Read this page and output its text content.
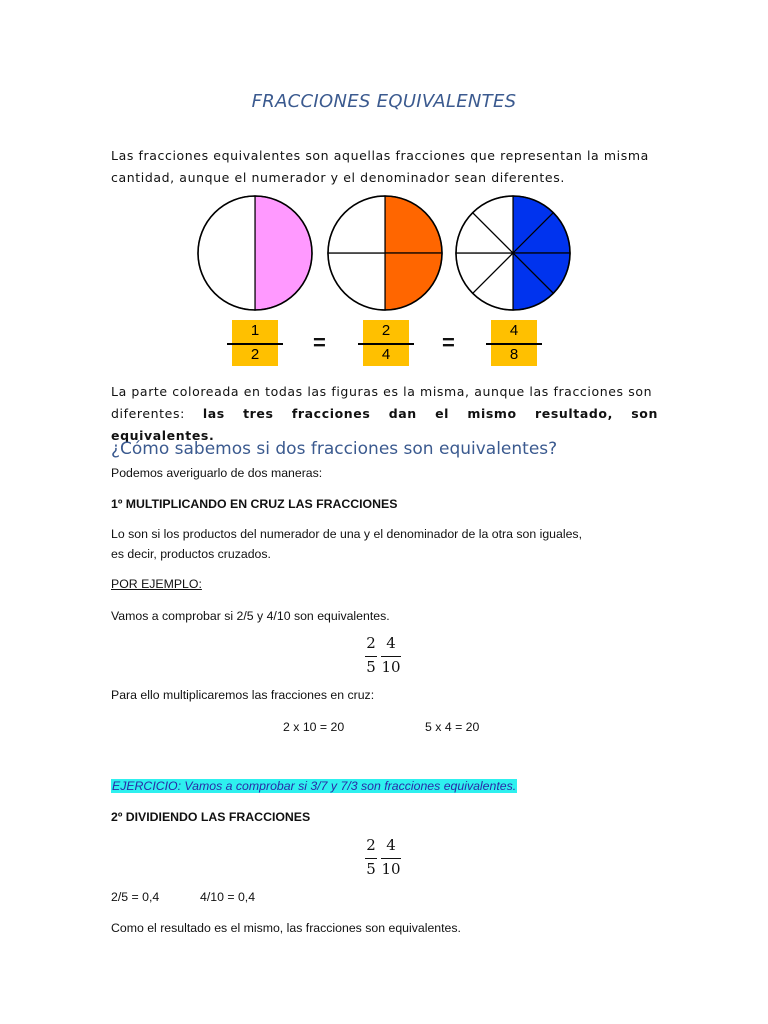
FRACCIONES EQUIVALENTES
Las fracciones equivalentes son aquellas fracciones que representan la misma
cantidad, aunque el numerador y el denominador sean diferentes.
1
2	=	2
4	=	4
8
La parte coloreada en todas las figuras es la misma, aunque las fracciones son
diferentes: las tres fracciones dan el mismo resultado, son equivalentes.
¿Cómo sabemos si dos fracciones son equivalentes?
Podemos averiguarlo de dos maneras:
1º MULTIPLICANDO EN CRUZ LAS FRACCIONES
Lo son si los productos del numerador de una y el denominador de la otra son iguales,
es decir, productos cruzados.
POR EJEMPLO:
Vamos a comprobar si 2/5 y 4/10 son equivalentes.
2
5
4
10
Para ello multiplicaremos las fracciones en cruz:
2 x 10 = 20	5 x 4 = 20
EJERCICIO: Vamos a comprobar si 3/7 y 7/3 son fracciones equivalentes.
2º DIVIDIENDO LAS FRACCIONES
2
5
4
10
2/5 = 0,4	4/10 = 0,4
Como el resultado es el mismo, las fracciones son equivalentes.
